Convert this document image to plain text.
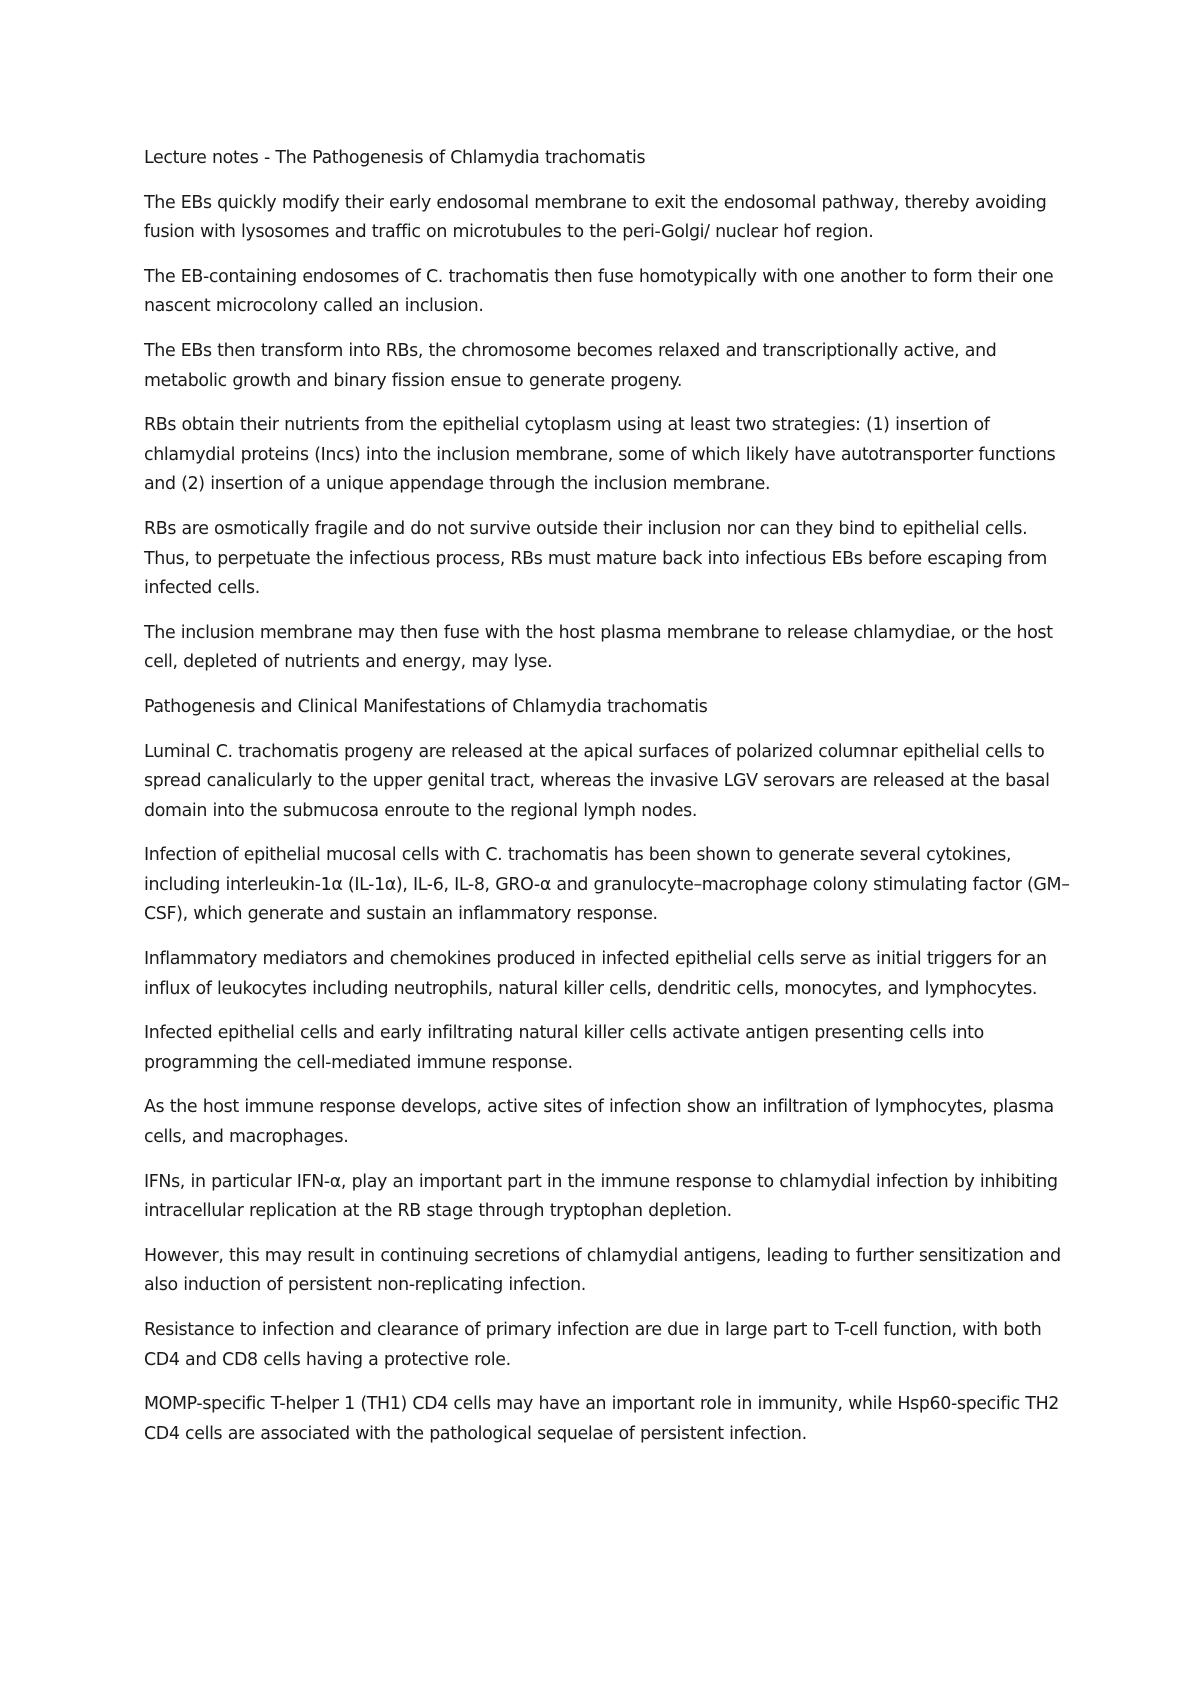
Lecture notes - The Pathogenesis of Chlamydia trachomatis

The EBs quickly modify their early endosomal membrane to exit the endosomal pathway, thereby avoiding fusion with lysosomes and traffic on microtubules to the peri-Golgi/ nuclear hof region.

The EB-containing endosomes of C. trachomatis then fuse homotypically with one another to form their one nascent microcolony called an inclusion.

The EBs then transform into RBs, the chromosome becomes relaxed and transcriptionally active, and metabolic growth and binary fission ensue to generate progeny.

RBs obtain their nutrients from the epithelial cytoplasm using at least two strategies: (1) insertion of chlamydial proteins (Incs) into the inclusion membrane, some of which likely have autotransporter functions and (2) insertion of a unique appendage through the inclusion membrane.

RBs are osmotically fragile and do not survive outside their inclusion nor can they bind to epithelial cells. Thus, to perpetuate the infectious process, RBs must mature back into infectious EBs before escaping from infected cells.

The inclusion membrane may then fuse with the host plasma membrane to release chlamydiae, or the host cell, depleted of nutrients and energy, may lyse.

Pathogenesis and Clinical Manifestations of Chlamydia trachomatis

Luminal C. trachomatis progeny are released at the apical surfaces of polarized columnar epithelial cells to spread canalicularly to the upper genital tract, whereas the invasive LGV serovars are released at the basal domain into the submucosa enroute to the regional lymph nodes.

Infection of epithelial mucosal cells with C. trachomatis has been shown to generate several cytokines, including interleukin-1α (IL-1α), IL-6, IL-8, GRO-α and granulocyte–macrophage colony stimulating factor (GM–CSF), which generate and sustain an inflammatory response.

Inflammatory mediators and chemokines produced in infected epithelial cells serve as initial triggers for an influx of leukocytes including neutrophils, natural killer cells, dendritic cells, monocytes, and lymphocytes.

Infected epithelial cells and early infiltrating natural killer cells activate antigen presenting cells into programming the cell-mediated immune response.

As the host immune response develops, active sites of infection show an infiltration of lymphocytes, plasma cells, and macrophages.

IFNs, in particular IFN-α, play an important part in the immune response to chlamydial infection by inhibiting intracellular replication at the RB stage through tryptophan depletion.

However, this may result in continuing secretions of chlamydial antigens, leading to further sensitization and also induction of persistent non-replicating infection.

Resistance to infection and clearance of primary infection are due in large part to T-cell function, with both CD4 and CD8 cells having a protective role.

MOMP-specific T-helper 1 (TH1) CD4 cells may have an important role in immunity, while Hsp60-specific TH2 CD4 cells are associated with the pathological sequelae of persistent infection.
